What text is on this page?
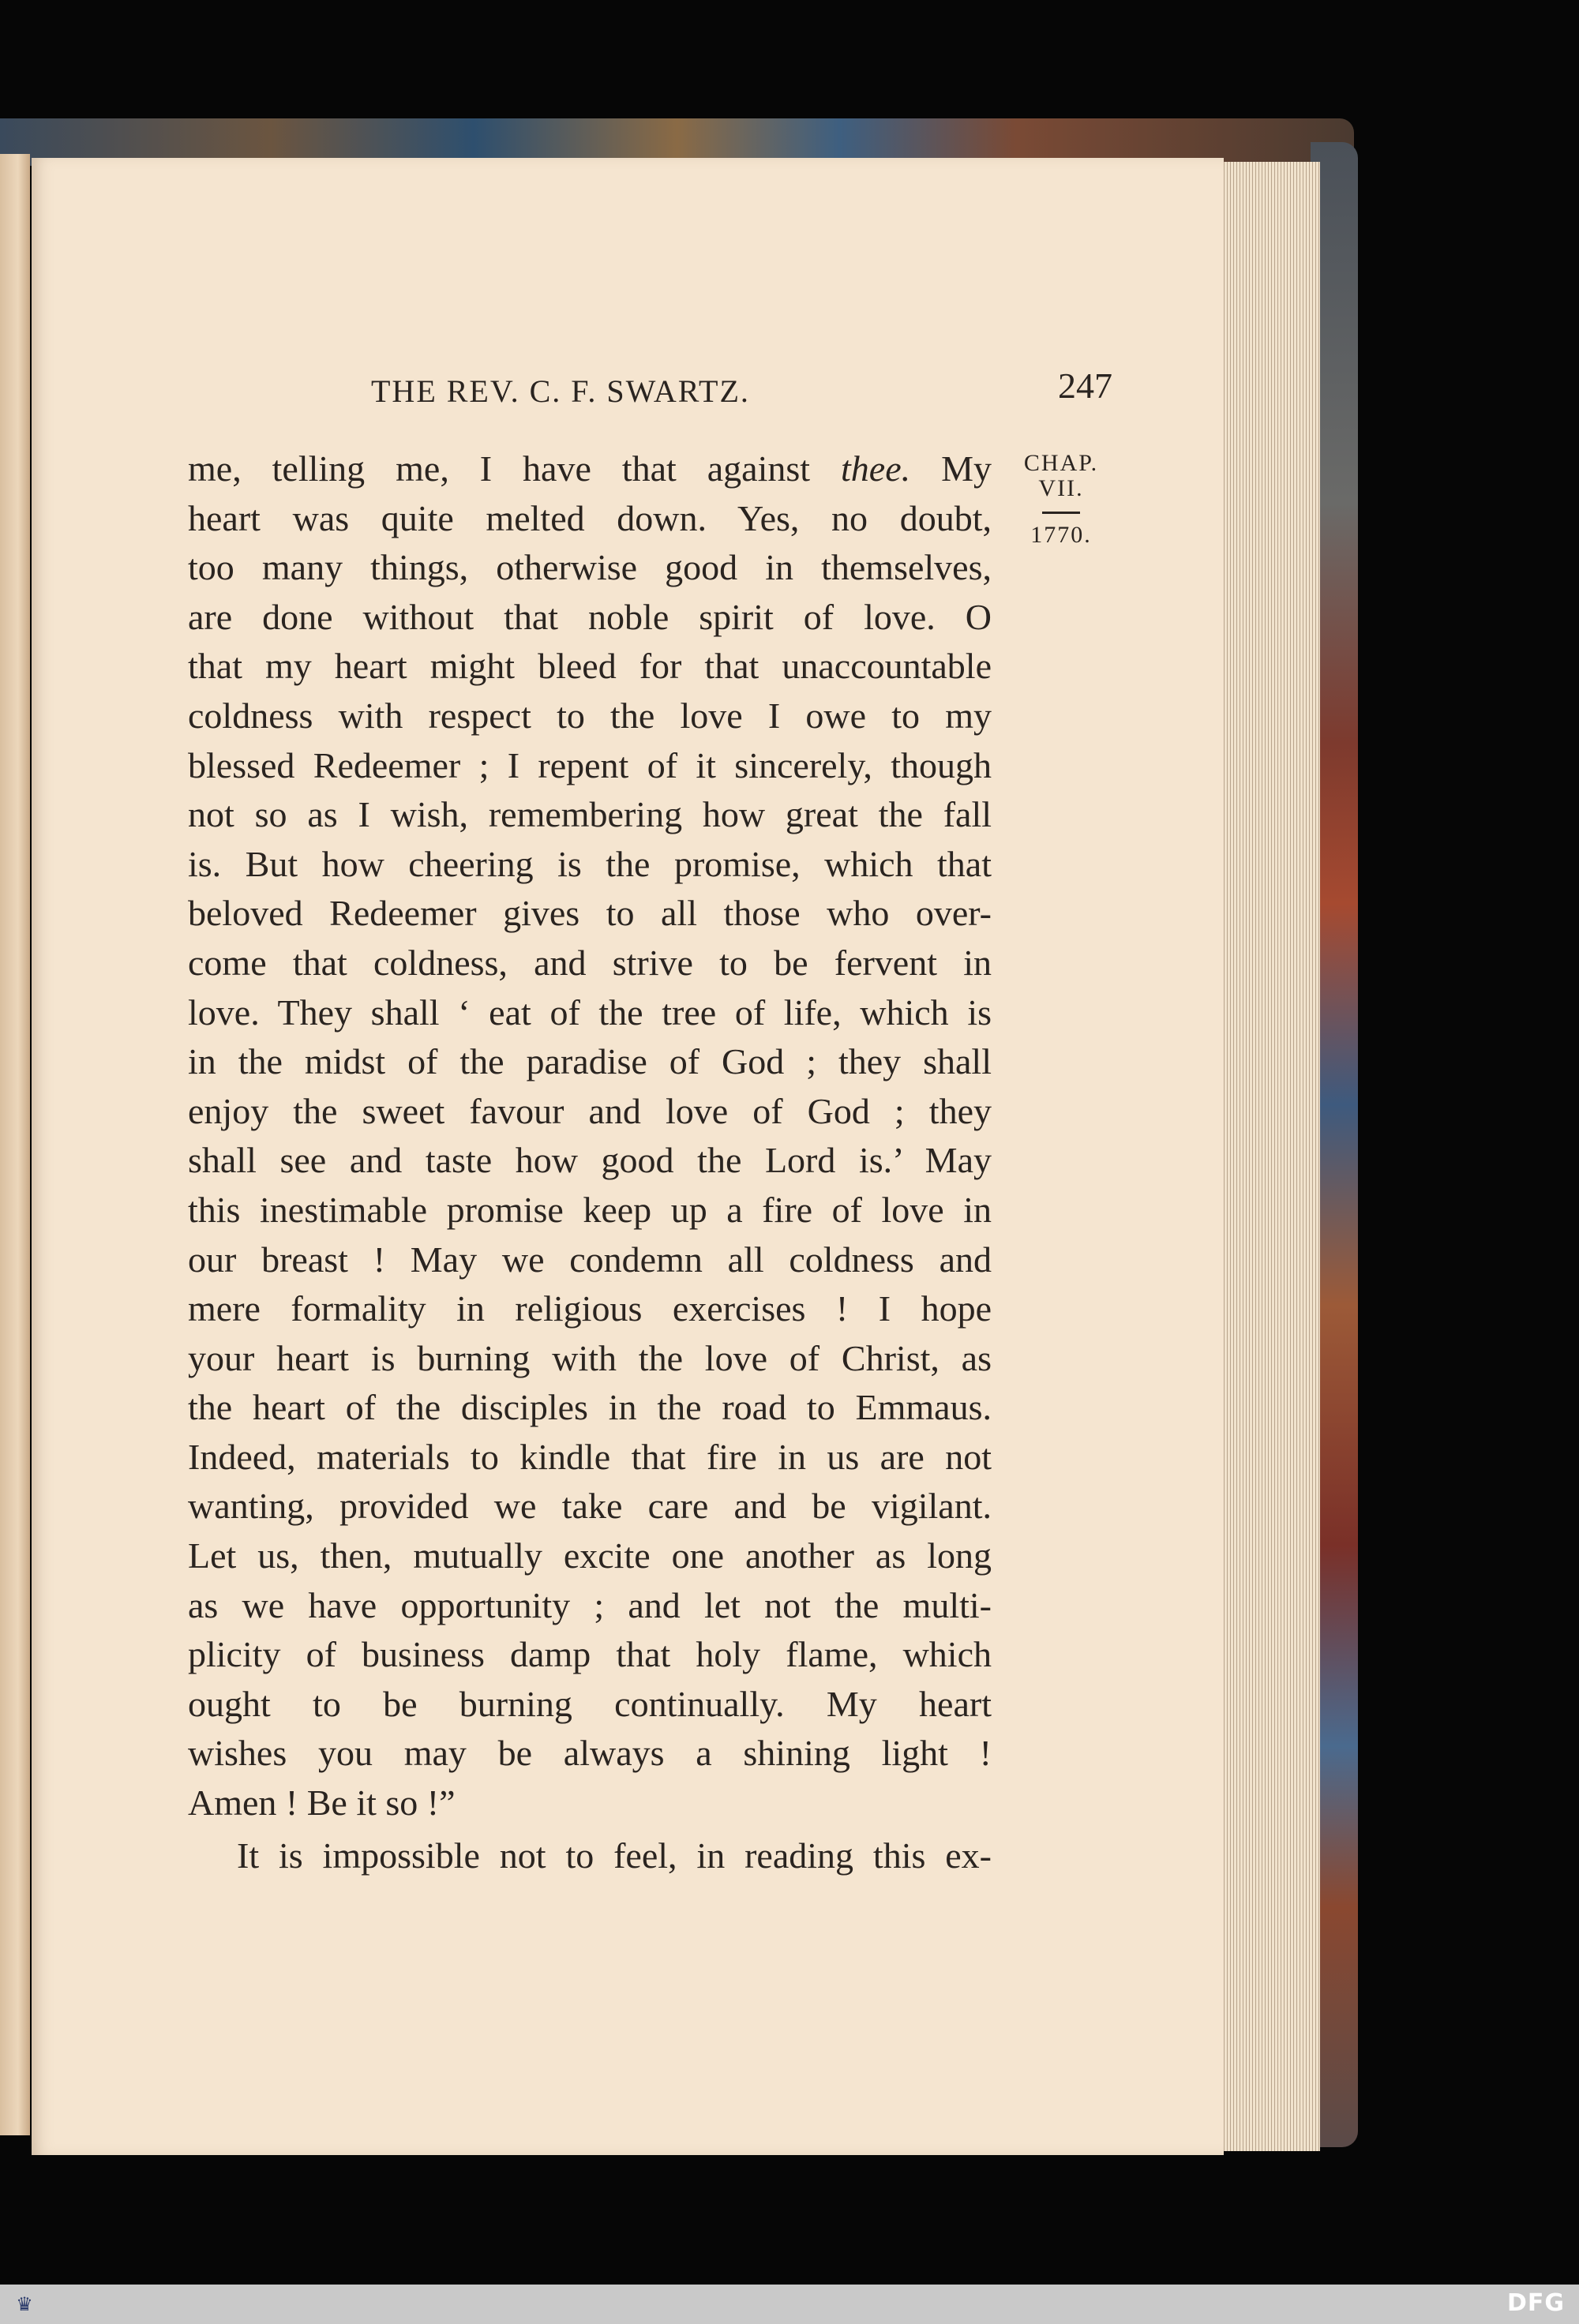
THE REV. C. F. SWARTZ.	247
CHAP.
VII.
1770.
me, telling me, I have that against thee. My
heart was quite melted down. Yes, no doubt,
too many things, otherwise good in themselves,
are done without that noble spirit of love. O
that my heart might bleed for that unaccountable
coldness with respect to the love I owe to my
blessed Redeemer ; I repent of it sincerely, though
not so as I wish, remembering how great the fall
is. But how cheering is the promise, which that
beloved Redeemer gives to all those who over-
come that coldness, and strive to be fervent in
love. They shall ‘ eat of the tree of life, which is
in the midst of the paradise of God ; they shall
enjoy the sweet favour and love of God ; they
shall see and taste how good the Lord is.’ May
this inestimable promise keep up a fire of love in
our breast ! May we condemn all coldness and
mere formality in religious exercises ! I hope
your heart is burning with the love of Christ, as
the heart of the disciples in the road to Emmaus.
Indeed, materials to kindle that fire in us are not
wanting, provided we take care and be vigilant.
Let us, then, mutually excite one another as long
as we have opportunity ; and let not the multi-
plicity of business damp that holy flame, which
ought to be burning continually. My heart
wishes you may be always a shining light !
Amen ! Be it so !”
It is impossible not to feel, in reading this ex-
♛	DFG
